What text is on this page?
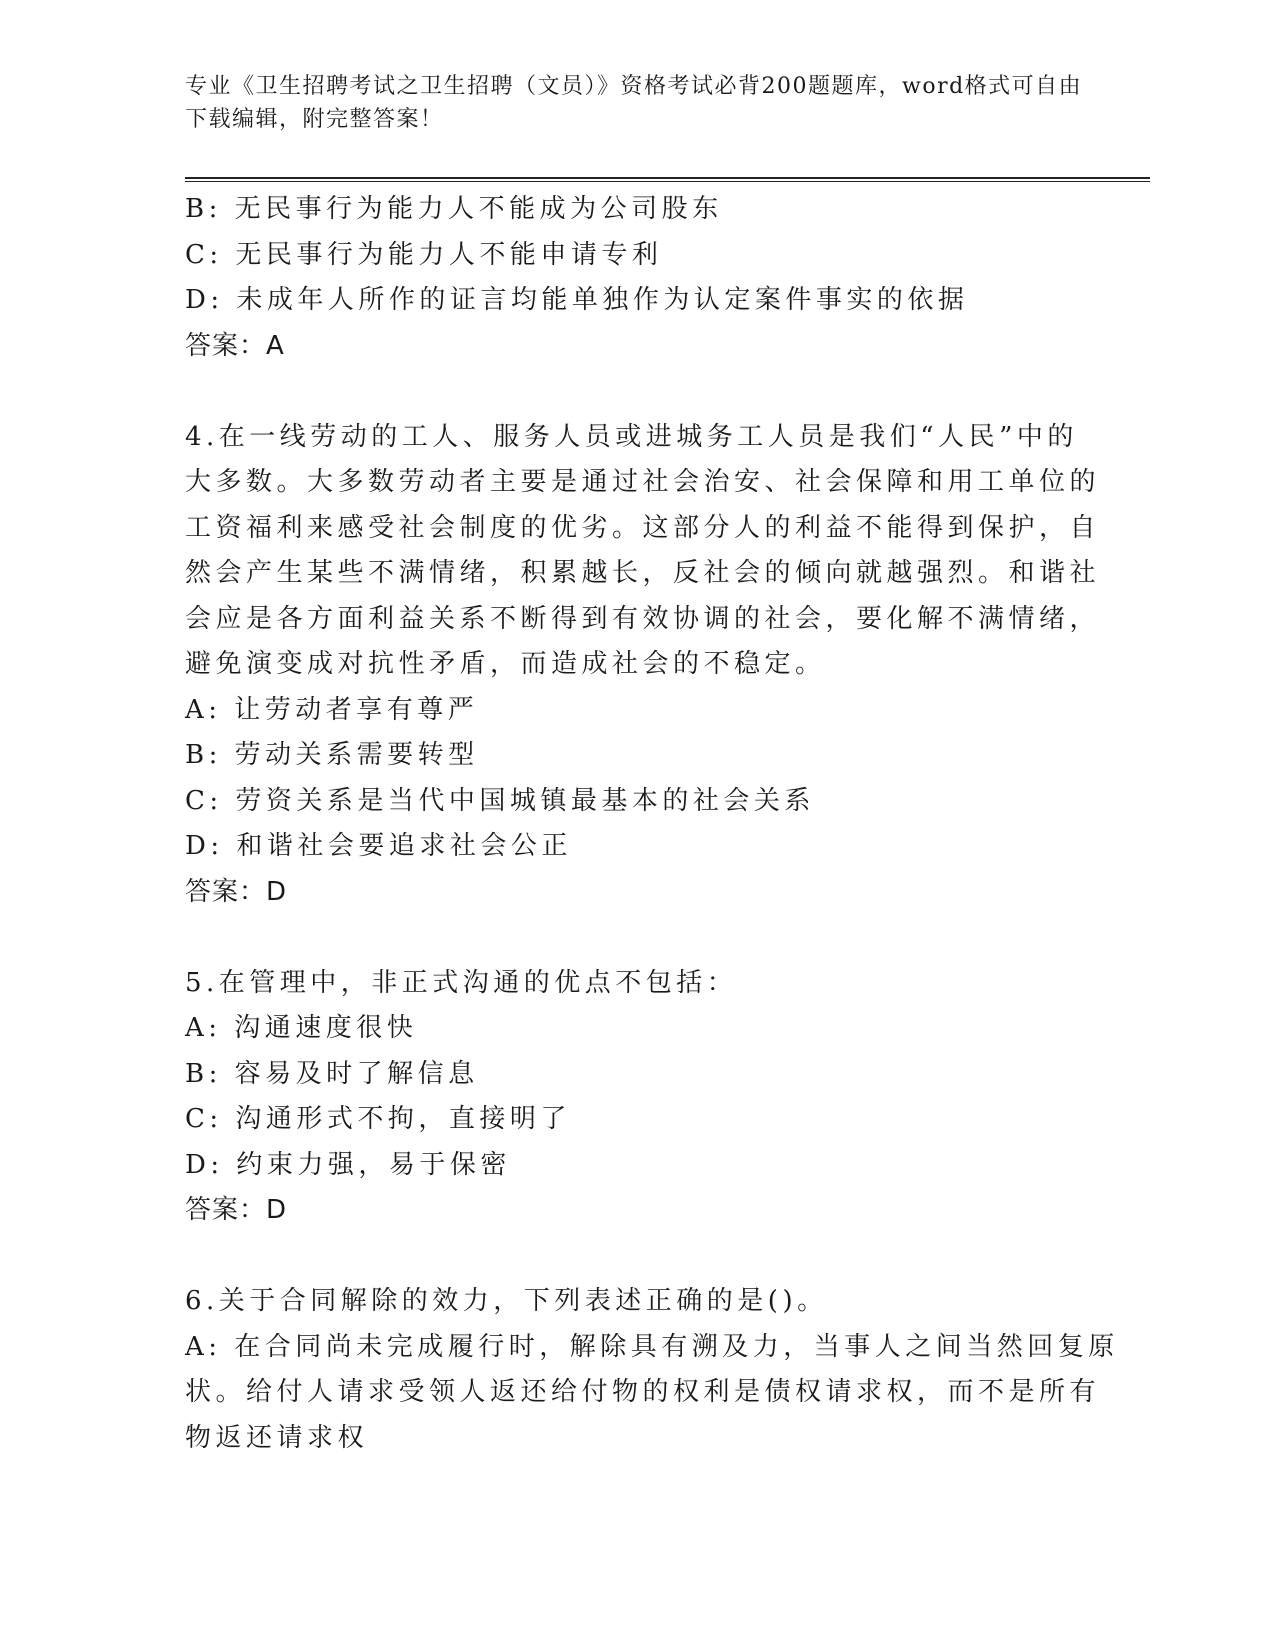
专业《卫生招聘考试之卫生招聘（文员）》资格考试必背200题题库，word格式可自由下载编辑，附完整答案！
B: 无民事行为能力人不能成为公司股东
C: 无民事行为能力人不能申请专利
D: 未成年人所作的证言均能单独作为认定案件事实的依据
答案：A
4.在一线劳动的工人、服务人员或进城务工人员是我们“人民”中的
大多数。大多数劳动者主要是通过社会治安、社会保障和用工单位的
工资福利来感受社会制度的优劣。这部分人的利益不能得到保护，自
然会产生某些不满情绪，积累越长，反社会的倾向就越强烈。和谐社
会应是各方面利益关系不断得到有效协调的社会，要化解不满情绪，
避免演变成对抗性矛盾，而造成社会的不稳定。
A: 让劳动者享有尊严
B: 劳动关系需要转型
C: 劳资关系是当代中国城镇最基本的社会关系
D: 和谐社会要追求社会公正
答案：D
5.在管理中，非正式沟通的优点不包括：
A: 沟通速度很快
B: 容易及时了解信息
C: 沟通形式不拘，直接明了
D: 约束力强，易于保密
答案：D
6.关于合同解除的效力，下列表述正确的是()。
A: 在合同尚未完成履行时，解除具有溯及力，当事人之间当然回复原
状。给付人请求受领人返还给付物的权利是债权请求权，而不是所有
物返还请求权
